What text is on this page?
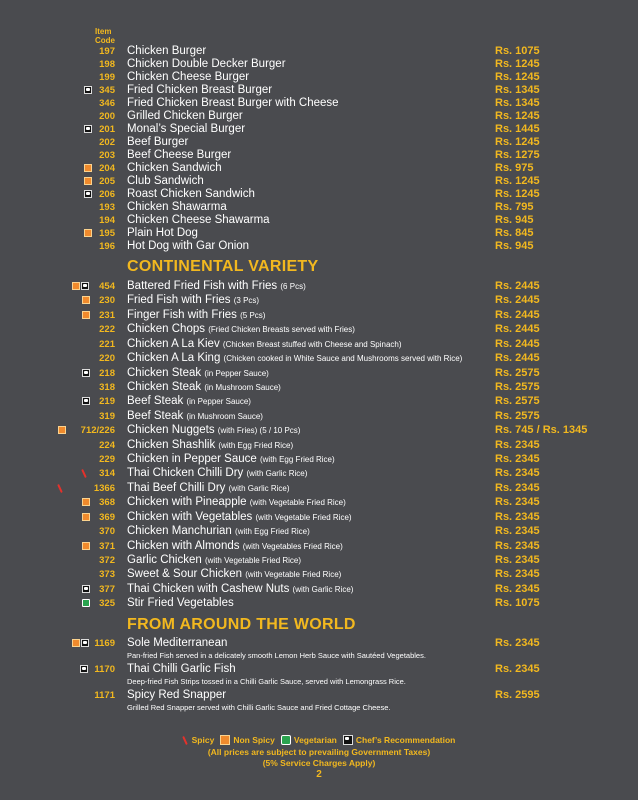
Item
Code
197 Chicken Burger	Rs. 1075
198 Chicken Double Decker Burger	Rs. 1245
199 Chicken Cheese Burger	Rs. 1245
345 Fried Chicken Breast Burger	Rs. 1345
346 Fried Chicken Breast Burger with Cheese	Rs. 1345
200 Grilled Chicken Burger	Rs. 1245
201 Monal’s Special Burger	Rs. 1445
202 Beef Burger	Rs. 1245
203 Beef Cheese Burger	Rs. 1275
204 Chicken Sandwich	Rs. 975
205 Club Sandwich	Rs. 1245
206 Roast Chicken Sandwich	Rs. 1245
193 Chicken Shawarma	Rs. 795
194 Chicken Cheese Shawarma	Rs. 945
195 Plain Hot Dog	Rs. 845
196 Hot Dog with Gar Onion	Rs. 945
CONTINENTAL VARIETY
454 Battered Fried Fish with Fries (6 Pcs)	Rs. 2445
230 Fried Fish with Fries (3 Pcs)	Rs. 2445
231 Finger Fish with Fries (5 Pcs)	Rs. 2445
222 Chicken Chops (Fried Chicken Breasts served with Fries)	Rs. 2445
221 Chicken A La Kiev (Chicken Breast stuffed with Cheese and Spinach)	Rs. 2445
220 Chicken A La King (Chicken cooked in White Sauce and Mushrooms served with Rice)	Rs. 2445
218 Chicken Steak (in Pepper Sauce)	Rs. 2575
318 Chicken Steak (in Mushroom Sauce)	Rs. 2575
219 Beef Steak (in Pepper Sauce)	Rs. 2575
319 Beef Steak (in Mushroom Sauce)	Rs. 2575
712/226 Chicken Nuggets (with Fries) (5 / 10 Pcs)	Rs. 745 / Rs. 1345
224 Chicken Shashlik (with Egg Fried Rice)	Rs. 2345
229 Chicken in Pepper Sauce (with Egg Fried Rice)	Rs. 2345
314 Thai Chicken Chilli Dry (with Garlic Rice)	Rs. 2345
1366 Thai Beef Chilli Dry (with Garlic Rice)	Rs. 2345
368 Chicken with Pineapple (with Vegetable Fried Rice)	Rs. 2345
369 Chicken with Vegetables (with Vegetable Fried Rice)	Rs. 2345
370 Chicken Manchurian (with Egg Fried Rice)	Rs. 2345
371 Chicken with Almonds (with Vegetables Fried Rice)	Rs. 2345
372 Garlic Chicken (with Vegetable Fried Rice)	Rs. 2345
373 Sweet & Sour Chicken (with Vegetable Fried Rice)	Rs. 2345
377 Thai Chicken with Cashew Nuts (with Garlic Rice)	Rs. 2345
325 Stir Fried Vegetables	Rs. 1075
FROM AROUND THE WORLD
1169 Sole Mediterranean	Rs. 2345
Pan-fried Fish served in a delicately smooth Lemon Herb Sauce with Sautéed Vegetables.
1170 Thai Chilli Garlic Fish	Rs. 2345
Deep-fried Fish Strips tossed in a Chilli Garlic Sauce, served with Lemongrass Rice.
1171 Spicy Red Snapper	Rs. 2595
Grilled Red Snapper served with Chilli Garlic Sauce and Fried Cottage Cheese.
Spicy Non Spicy Vegetarian Chef’s Recommendation
(All prices are subject to prevailing Government Taxes)
(5% Service Charges Apply)
2
